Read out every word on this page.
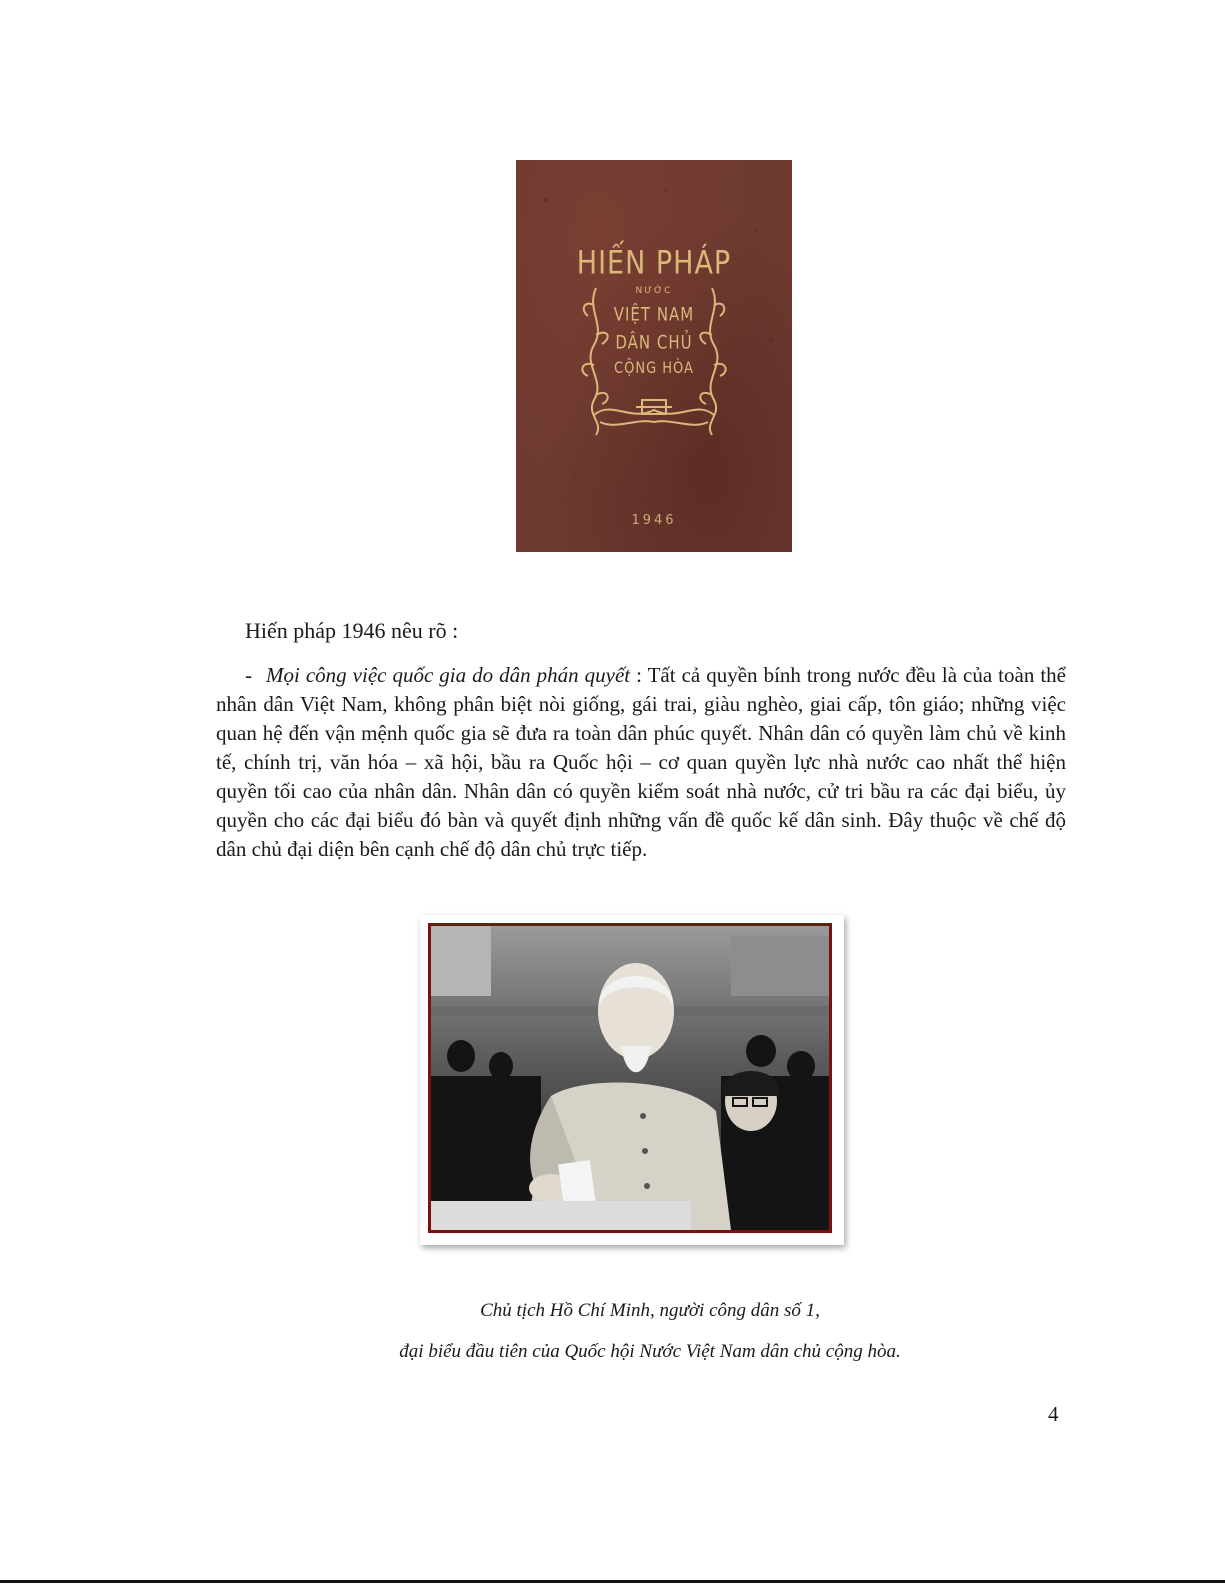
HIẾN PHÁP
NƯỚC
VIỆT NAM
DÂN CHỦ
CỘNG HÒA
1946

Hiến pháp 1946 nêu rõ :

- Mọi công việc quốc gia do dân phán quyết : Tất cả quyền bính trong nước đều là của toàn thể nhân dân Việt Nam, không phân biệt nòi giống, gái trai, giàu nghèo, giai cấp, tôn giáo; những việc quan hệ đến vận mệnh quốc gia sẽ đưa ra toàn dân phúc quyết. Nhân dân có quyền làm chủ về kinh tế, chính trị, văn hóa – xã hội, bầu ra Quốc hội – cơ quan quyền lực nhà nước cao nhất thể hiện quyền tối cao của nhân dân. Nhân dân có quyền kiểm soát nhà nước, cử tri bầu ra các đại biểu, ủy quyền cho các đại biểu đó bàn và quyết định những vấn đề quốc kế dân sinh. Đây thuộc về chế độ dân chủ đại diện bên cạnh chế độ dân chủ trực tiếp.

Chủ tịch Hồ Chí Minh, người công dân số 1,

đại biểu đầu tiên của Quốc hội Nước Việt Nam dân chủ cộng hòa.

4
